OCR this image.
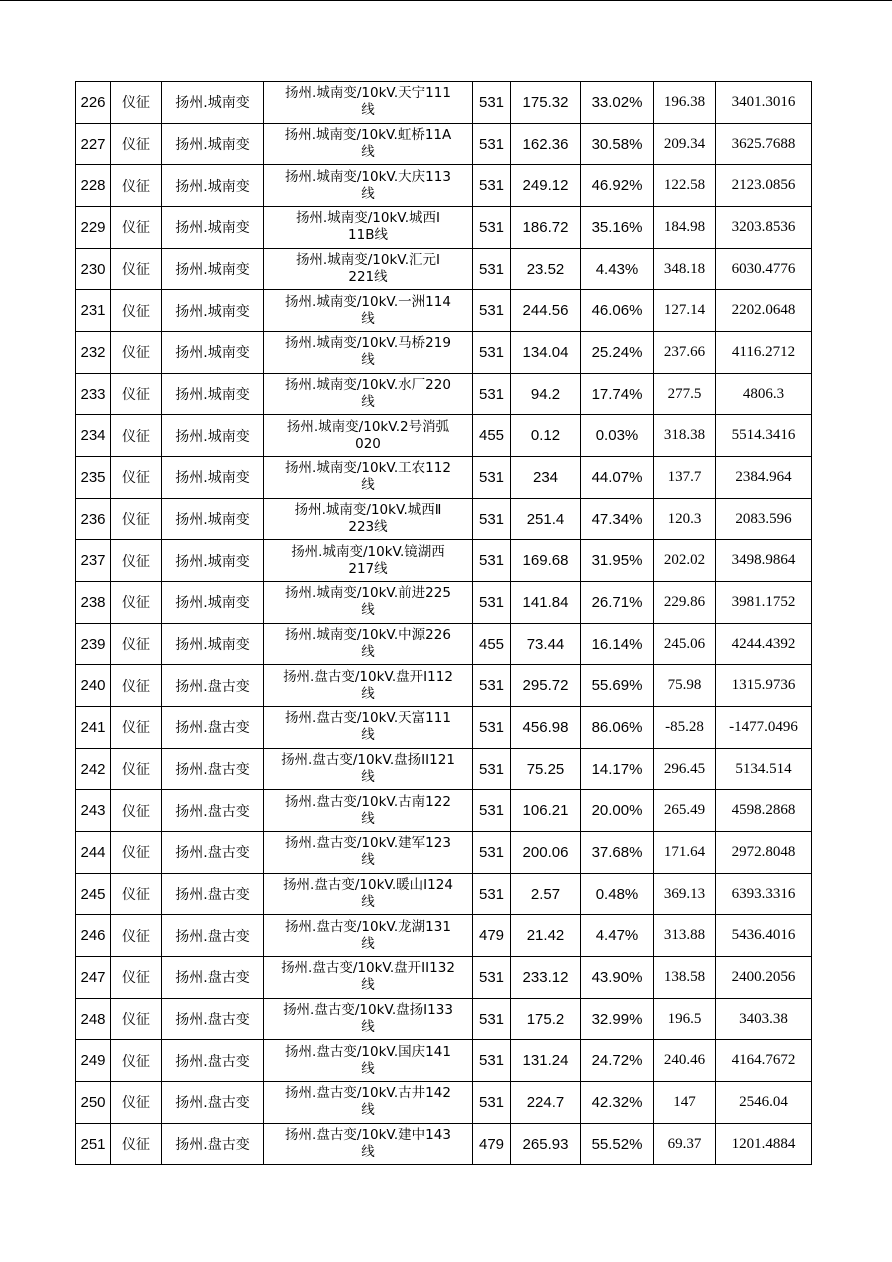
226	仪征	扬州.城南变	扬州.城南变/10kV.天宁111
线	531	175.32	33.02%	196.38	3401.3016
227	仪征	扬州.城南变	扬州.城南变/10kV.虹桥11A
线	531	162.36	30.58%	209.34	3625.7688
228	仪征	扬州.城南变	扬州.城南变/10kV.大庆113
线	531	249.12	46.92%	122.58	2123.0856
229	仪征	扬州.城南变	扬州.城南变/10kV.城西Ⅰ
11B线	531	186.72	35.16%	184.98	3203.8536
230	仪征	扬州.城南变	扬州.城南变/10kV.汇元Ⅰ
221线	531	23.52	4.43%	348.18	6030.4776
231	仪征	扬州.城南变	扬州.城南变/10kV.一洲114
线	531	244.56	46.06%	127.14	2202.0648
232	仪征	扬州.城南变	扬州.城南变/10kV.马桥219
线	531	134.04	25.24%	237.66	4116.2712
233	仪征	扬州.城南变	扬州.城南变/10kV.水厂220
线	531	94.2	17.74%	277.5	4806.3
234	仪征	扬州.城南变	扬州.城南变/10kV.2号消弧
020	455	0.12	0.03%	318.38	5514.3416
235	仪征	扬州.城南变	扬州.城南变/10kV.工农112
线	531	234	44.07%	137.7	2384.964
236	仪征	扬州.城南变	扬州.城南变/10kV.城西Ⅱ
223线	531	251.4	47.34%	120.3	2083.596
237	仪征	扬州.城南变	扬州.城南变/10kV.镜湖西
217线	531	169.68	31.95%	202.02	3498.9864
238	仪征	扬州.城南变	扬州.城南变/10kV.前进225
线	531	141.84	26.71%	229.86	3981.1752
239	仪征	扬州.城南变	扬州.城南变/10kV.中源226
线	455	73.44	16.14%	245.06	4244.4392
240	仪征	扬州.盘古变	扬州.盘古变/10kV.盘开I112
线	531	295.72	55.69%	75.98	1315.9736
241	仪征	扬州.盘古变	扬州.盘古变/10kV.天富111
线	531	456.98	86.06%	-85.28	-1477.0496
242	仪征	扬州.盘古变	扬州.盘古变/10kV.盘扬II121
线	531	75.25	14.17%	296.45	5134.514
243	仪征	扬州.盘古变	扬州.盘古变/10kV.古南122
线	531	106.21	20.00%	265.49	4598.2868
244	仪征	扬州.盘古变	扬州.盘古变/10kV.建军123
线	531	200.06	37.68%	171.64	2972.8048
245	仪征	扬州.盘古变	扬州.盘古变/10kV.暖山I124
线	531	2.57	0.48%	369.13	6393.3316
246	仪征	扬州.盘古变	扬州.盘古变/10kV.龙湖131
线	479	21.42	4.47%	313.88	5436.4016
247	仪征	扬州.盘古变	扬州.盘古变/10kV.盘开II132
线	531	233.12	43.90%	138.58	2400.2056
248	仪征	扬州.盘古变	扬州.盘古变/10kV.盘扬I133
线	531	175.2	32.99%	196.5	3403.38
249	仪征	扬州.盘古变	扬州.盘古变/10kV.国庆141
线	531	131.24	24.72%	240.46	4164.7672
250	仪征	扬州.盘古变	扬州.盘古变/10kV.古井142
线	531	224.7	42.32%	147	2546.04
251	仪征	扬州.盘古变	扬州.盘古变/10kV.建中143
线	479	265.93	55.52%	69.37	1201.4884
